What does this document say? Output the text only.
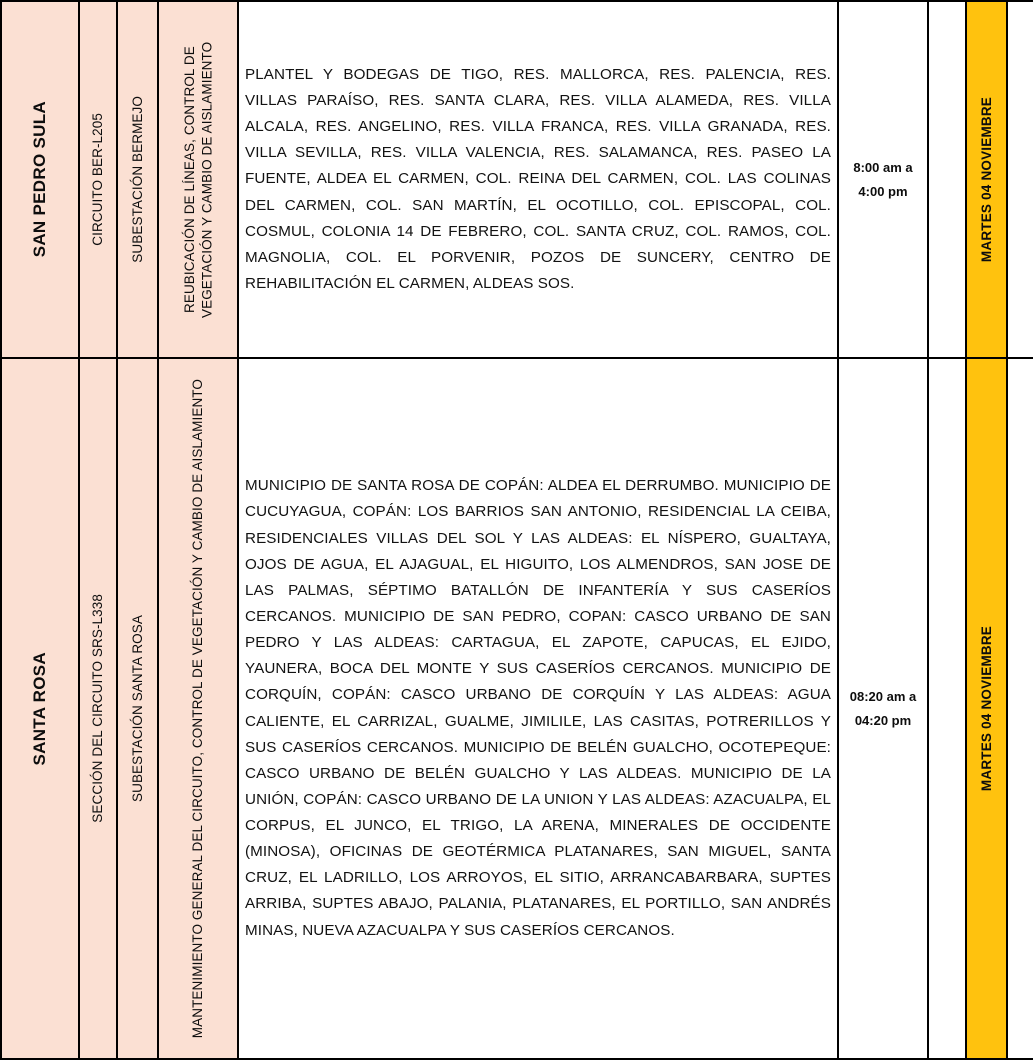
SAN PEDRO SULA	CIRCUITO BER-L205	SUBESTACIÓN BERMEJO	REUBICACIÓN DE LÍNEAS, CONTROL DE VEGETACIÓN Y CAMBIO DE AISLAMIENTO	PLANTEL Y BODEGAS DE TIGO, RES. MALLORCA, RES. PALENCIA, RES. VILLAS PARAÍSO, RES. SANTA CLARA, RES. VILLA ALAMEDA, RES. VILLA ALCALA, RES. ANGELINO, RES. VILLA FRANCA, RES. VILLA GRANADA, RES. VILLA SEVILLA, RES. VILLA VALENCIA, RES. SALAMANCA, RES. PASEO LA FUENTE, ALDEA EL CARMEN, COL. REINA DEL CARMEN, COL. LAS COLINAS DEL CARMEN, COL. SAN MARTÍN, EL OCOTILLO, COL. EPISCOPAL, COL. COSMUL, COLONIA 14 DE FEBRERO, COL. SANTA CRUZ, COL. RAMOS, COL. MAGNOLIA, COL. EL PORVENIR, POZOS DE SUNCERY, CENTRO DE REHABILITACIÓN EL CARMEN, ALDEAS SOS.	8:00 am a
4:00 pm		MARTES 04 NOVIEMBRE	

SANTA ROSA	SECCIÓN DEL CIRCUITO SRS-L338	SUBESTACIÓN SANTA ROSA	MANTENIMIENTO GENERAL DEL CIRCUITO, CONTROL DE VEGETACIÓN Y CAMBIO DE AISLAMIENTO	MUNICIPIO DE SANTA ROSA DE COPÁN: ALDEA EL DERRUMBO. MUNICIPIO DE CUCUYAGUA, COPÁN: LOS BARRIOS SAN ANTONIO, RESIDENCIAL LA CEIBA, RESIDENCIALES VILLAS DEL SOL Y LAS ALDEAS: EL NÍSPERO, GUALTAYA, OJOS DE AGUA, EL AJAGUAL, EL HIGUITO, LOS ALMENDROS, SAN JOSE DE LAS PALMAS, SÉPTIMO BATALLÓN DE INFANTERÍA Y SUS CASERÍOS CERCANOS. MUNICIPIO DE SAN PEDRO, COPAN: CASCO URBANO DE SAN PEDRO Y LAS ALDEAS: CARTAGUA, EL ZAPOTE, CAPUCAS, EL EJIDO, YAUNERA, BOCA DEL MONTE Y SUS CASERÍOS CERCANOS. MUNICIPIO DE CORQUÍN, COPÁN: CASCO URBANO DE CORQUÍN Y LAS ALDEAS: AGUA CALIENTE, EL CARRIZAL, GUALME, JIMILILE, LAS CASITAS, POTRERILLOS Y SUS CASERÍOS CERCANOS. MUNICIPIO DE BELÉN GUALCHO, OCOTEPEQUE: CASCO URBANO DE BELÉN GUALCHO Y LAS ALDEAS. MUNICIPIO DE LA UNIÓN, COPÁN: CASCO URBANO DE LA UNION Y LAS ALDEAS: AZACUALPA, EL CORPUS, EL JUNCO, EL TRIGO, LA ARENA, MINERALES DE OCCIDENTE (MINOSA), OFICINAS DE GEOTÉRMICA PLATANARES, SAN MIGUEL, SANTA CRUZ, EL LADRILLO, LOS ARROYOS, EL SITIO, ARRANCABARBARA, SUPTES ARRIBA, SUPTES ABAJO, PALANIA, PLATANARES, EL PORTILLO, SAN ANDRÉS MINAS, NUEVA AZACUALPA Y SUS CASERÍOS CERCANOS.	08:20 am a
04:20 pm		MARTES 04 NOVIEMBRE	
